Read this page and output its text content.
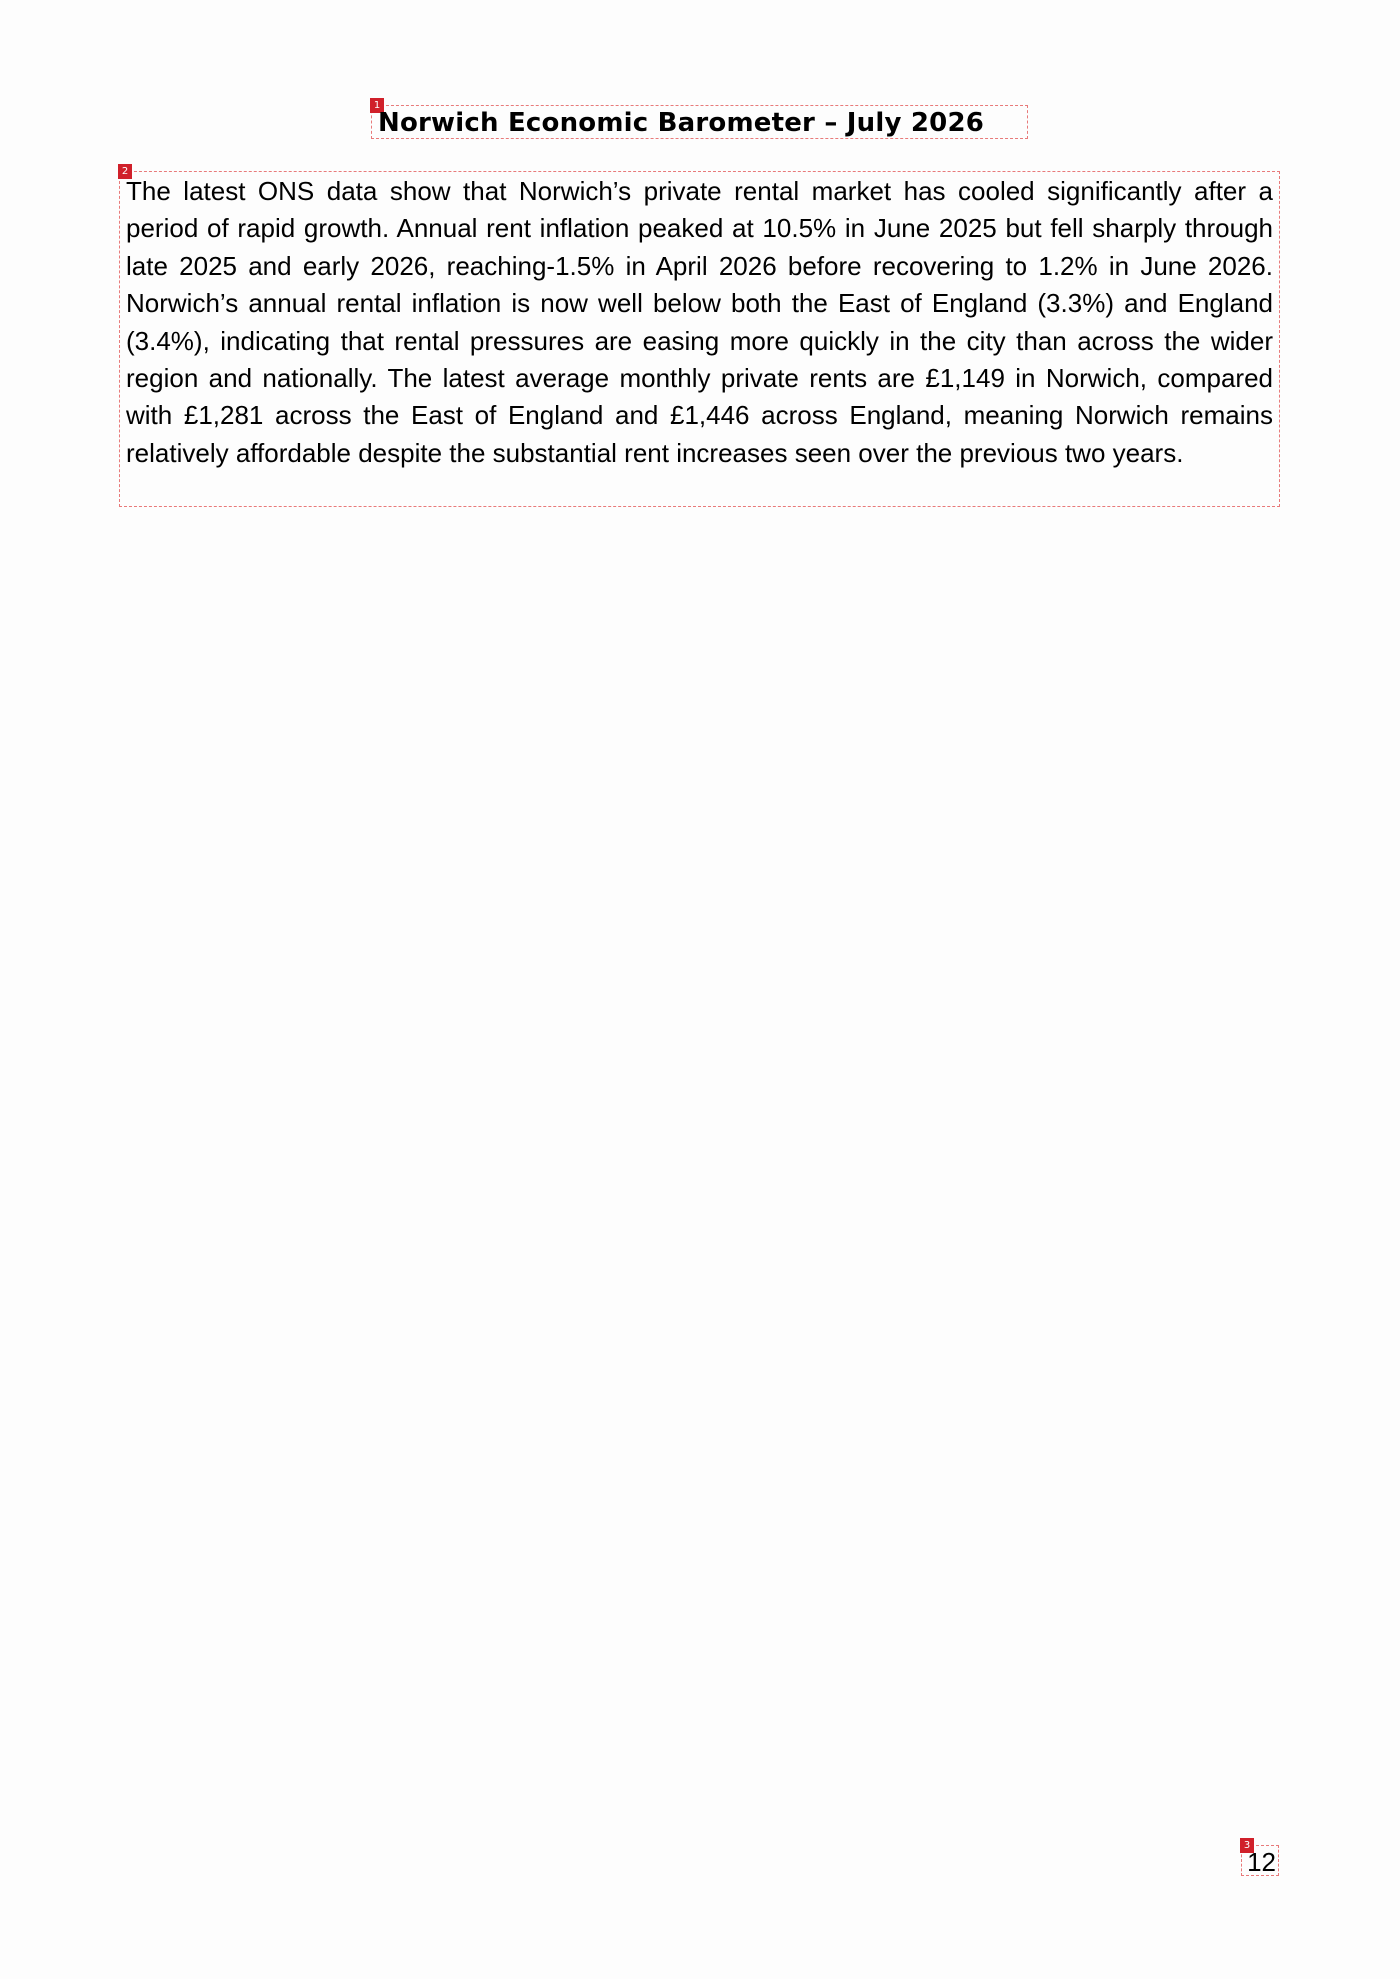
1
Norwich Economic Barometer – July 2026
2

The latest ONS data show that Norwich’s private rental market has cooled significantly after a period of rapid growth. Annual rent inflation peaked at 10.5% in June 2025 but fell sharply through late 2025 and early 2026, reaching-1.5% in April 2026 before recovering to 1.2% in June 2026. Norwich’s annual rental inflation is now well below both the East of England (3.3%) and England (3.4%), indicating that rental pressures are easing more quickly in the city than across the wider region and nationally. The latest average monthly private rents are £1,149 in Norwich, compared with £1,281 across the East of England and £1,446 across England, meaning Norwich remains relatively affordable despite the substantial rent increases seen over the previous two years.

3
12
